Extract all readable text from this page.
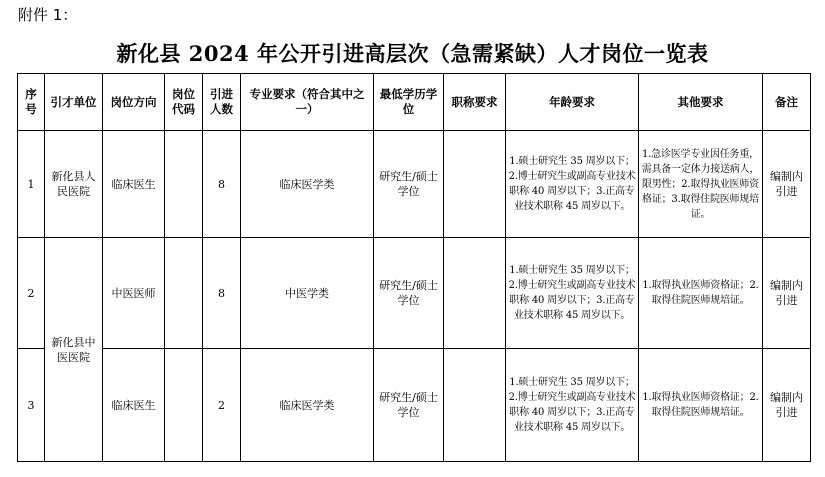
附件 1：
新化县 2024 年公开引进高层次（急需紧缺）人才岗位一览表
序号	引才单位	岗位方向	岗位代码	引进人数	专业要求（符合其中之一）	最低学历学位	职称要求	年龄要求	其他要求	备注
1	新化县人民医院	临床医生		8	临床医学类	研究生/硕士学位		1.硕士研究生 35 周岁以下；2.博士研究生或副高专业技术职称 40 周岁以下；3.正高专业技术职称 45 周岁以下。	1.急诊医学专业因任务重，需具备一定体力接送病人，限男性；2.取得执业医师资格证；3.取得住院医师规培证。	编制内引进
2	新化县中医医院	中医医师		8	中医学类	研究生/硕士学位		1.硕士研究生 35 周岁以下；2.博士研究生或副高专业技术职称 40 周岁以下；3.正高专业技术职称 45 周岁以下。	1.取得执业医师资格证；2.取得住院医师规培证。	编制内引进
3		临床医生		2	临床医学类	研究生/硕士学位		1.硕士研究生 35 周岁以下；2.博士研究生或副高专业技术职称 40 周岁以下；3.正高专业技术职称 45 周岁以下。	1.取得执业医师资格证；2.取得住院医师规培证。	编制内引进
